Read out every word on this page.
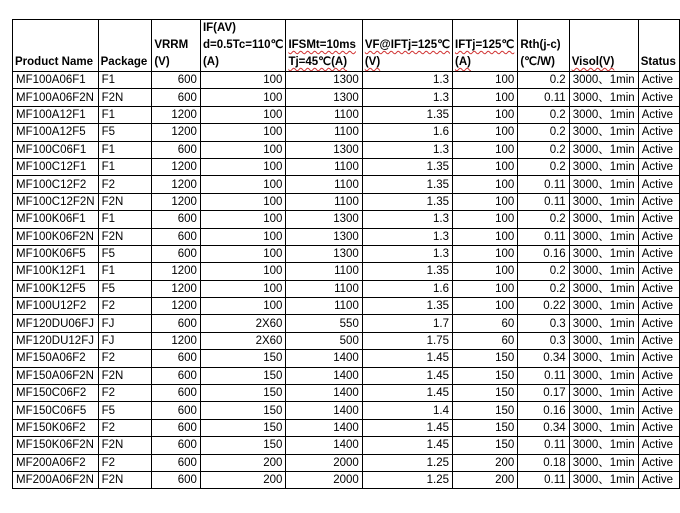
Product Name	Package	VRRM (V)	IF(AV) d=0.5Tc=110℃ (A)	IFSMt=10ms Tj=45℃(A)	VF@IFTj=125℃(V)	IFTj=125℃ (A)	Rth(j-c)(℃/W)	Visol(V)	Status
MF100A06F1	F1	600	100	1300	1.3	100	0.2	3000、1min	Active
MF100A06F2N	F2N	600	100	1300	1.3	100	0.11	3000、1min	Active
MF100A12F1	F1	1200	100	1100	1.35	100	0.2	3000、1min	Active
MF100A12F5	F5	1200	100	1100	1.6	100	0.2	3000、1min	Active
MF100C06F1	F1	600	100	1300	1.3	100	0.2	3000、1min	Active
MF100C12F1	F1	1200	100	1100	1.35	100	0.2	3000、1min	Active
MF100C12F2	F2	1200	100	1100	1.35	100	0.11	3000、1min	Active
MF100C12F2N	F2N	1200	100	1100	1.35	100	0.11	3000、1min	Active
MF100K06F1	F1	600	100	1300	1.3	100	0.2	3000、1min	Active
MF100K06F2N	F2N	600	100	1300	1.3	100	0.11	3000、1min	Active
MF100K06F5	F5	600	100	1300	1.3	100	0.16	3000、1min	Active
MF100K12F1	F1	1200	100	1100	1.35	100	0.2	3000、1min	Active
MF100K12F5	F5	1200	100	1100	1.6	100	0.2	3000、1min	Active
MF100U12F2	F2	1200	100	1100	1.35	100	0.22	3000、1min	Active
MF120DU06FJ	FJ	600	2X60	550	1.7	60	0.3	3000、1min	Active
MF120DU12FJ	FJ	1200	2X60	500	1.75	60	0.3	3000、1min	Active
MF150A06F2	F2	600	150	1400	1.45	150	0.34	3000、1min	Active
MF150A06F2N	F2N	600	150	1400	1.45	150	0.11	3000、1min	Active
MF150C06F2	F2	600	150	1400	1.45	150	0.17	3000、1min	Active
MF150C06F5	F5	600	150	1400	1.4	150	0.16	3000、1min	Active
MF150K06F2	F2	600	150	1400	1.45	150	0.34	3000、1min	Active
MF150K06F2N	F2N	600	150	1400	1.45	150	0.11	3000、1min	Active
MF200A06F2	F2	600	200	2000	1.25	200	0.18	3000、1min	Active
MF200A06F2N	F2N	600	200	2000	1.25	200	0.11	3000、1min	Active
